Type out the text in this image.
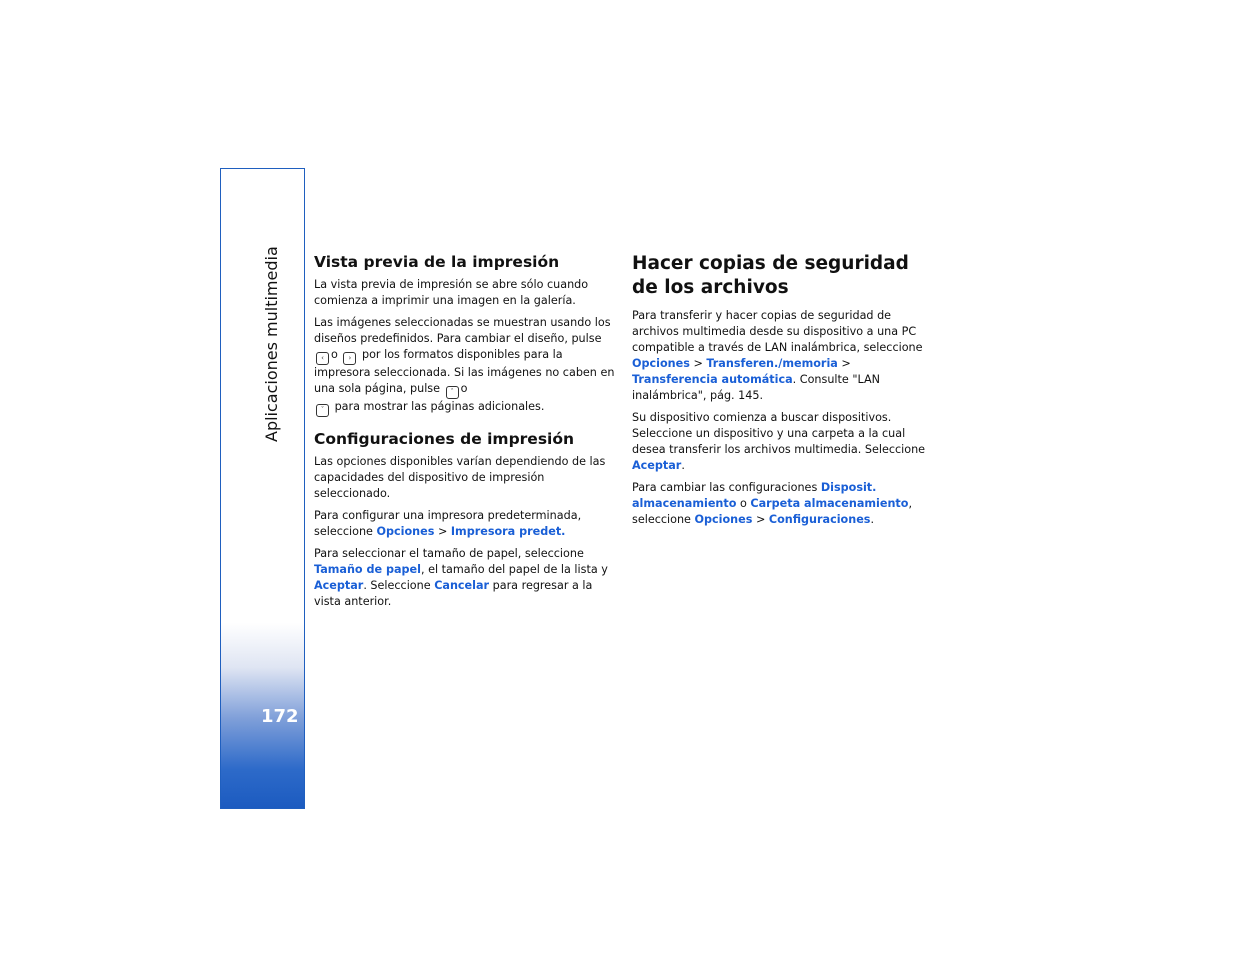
Aplicaciones multimedia
172
Vista previa de la impresión

La vista previa de impresión se abre sólo cuando comienza a imprimir una imagen en la galería.

Las imágenes seleccionadas se muestran usando los diseños predefinidos. Para cambiar el diseño, pulse ‹ o › por los formatos disponibles para la impresora seleccionada. Si las imágenes no caben en una sola página, pulse ˆ o
ˇ para mostrar las páginas adicionales.

Configuraciones de impresión

Las opciones disponibles varían dependiendo de las capacidades del dispositivo de impresión seleccionado.

Para configurar una impresora predeterminada, seleccione Opciones > Impresora predet.

Para seleccionar el tamaño de papel, seleccione Tamaño de papel, el tamaño del papel de la lista y Aceptar. Seleccione Cancelar para regresar a la vista anterior.

Hacer copias de seguridad
de los archivos

Para transferir y hacer copias de seguridad de archivos multimedia desde su dispositivo a una PC compatible a través de LAN inalámbrica, seleccione Opciones > Transferen./memoria > Transferencia automática. Consulte "LAN inalámbrica", pág. 145.

Su dispositivo comienza a buscar dispositivos. Seleccione un dispositivo y una carpeta a la cual desea transferir los archivos multimedia. Seleccione Aceptar.

Para cambiar las configuraciones Disposit. almacenamiento o Carpeta almacenamiento, seleccione Opciones > Configuraciones.
